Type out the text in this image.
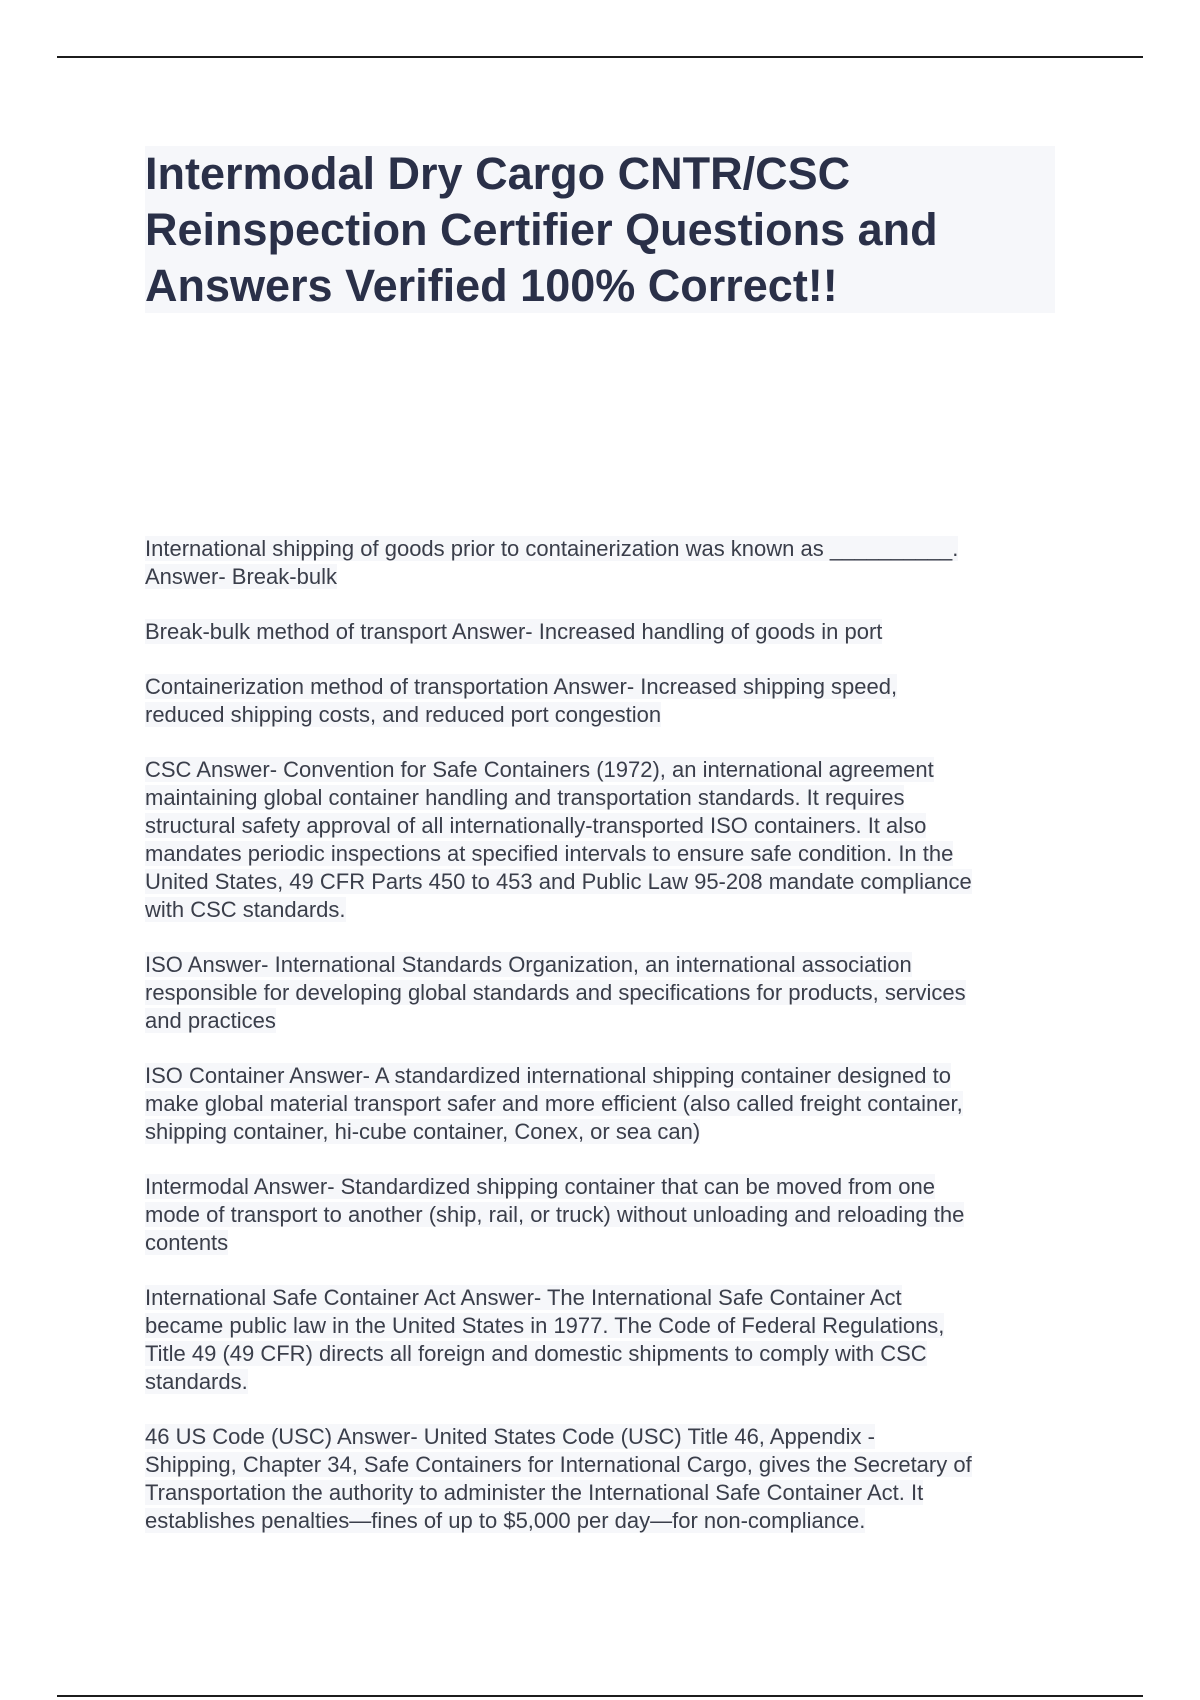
Intermodal Dry Cargo CNTR/CSC
Reinspection Certifier Questions and
Answers Verified 100% Correct!!
International shipping of goods prior to containerization was known as __________.
Answer- Break-bulk
Break-bulk method of transport Answer- Increased handling of goods in port
Containerization method of transportation Answer- Increased shipping speed,
reduced shipping costs, and reduced port congestion
CSC Answer- Convention for Safe Containers (1972), an international agreement
maintaining global container handling and transportation standards. It requires
structural safety approval of all internationally-transported ISO containers. It also
mandates periodic inspections at specified intervals to ensure safe condition. In the
United States, 49 CFR Parts 450 to 453 and Public Law 95-208 mandate compliance
with CSC standards.
ISO Answer- International Standards Organization, an international association
responsible for developing global standards and specifications for products, services
and practices
ISO Container Answer- A standardized international shipping container designed to
make global material transport safer and more efficient (also called freight container,
shipping container, hi-cube container, Conex, or sea can)
Intermodal Answer- Standardized shipping container that can be moved from one
mode of transport to another (ship, rail, or truck) without unloading and reloading the
contents
International Safe Container Act Answer- The International Safe Container Act
became public law in the United States in 1977. The Code of Federal Regulations,
Title 49 (49 CFR) directs all foreign and domestic shipments to comply with CSC
standards.
46 US Code (USC) Answer- United States Code (USC) Title 46, Appendix -
Shipping, Chapter 34, Safe Containers for International Cargo, gives the Secretary of
Transportation the authority to administer the International Safe Container Act. It
establishes penalties—fines of up to $5,000 per day—for non-compliance.
